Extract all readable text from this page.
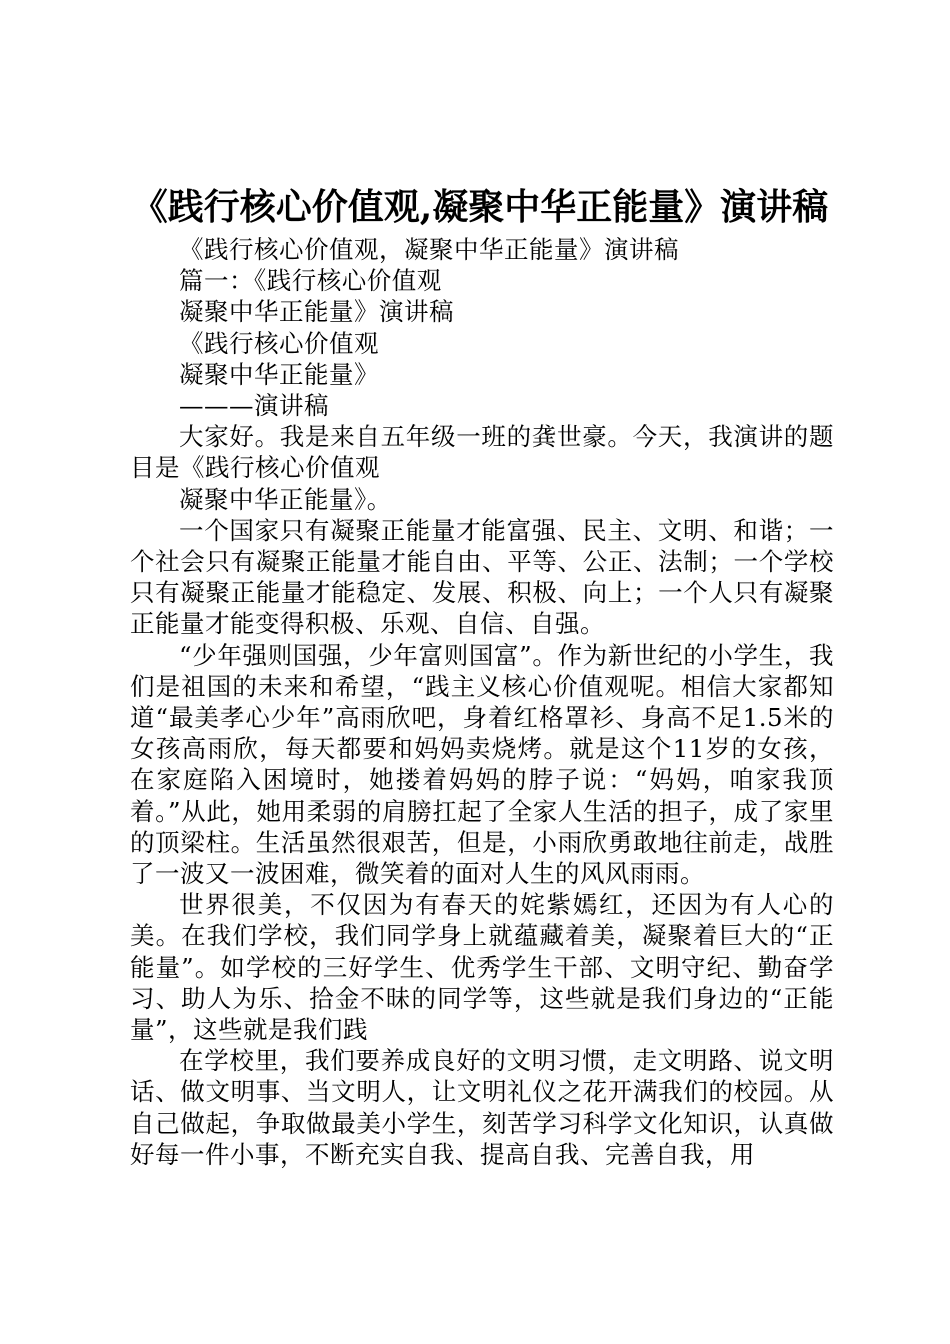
《践行核心价值观,凝聚中华正能量》演讲稿

《践行核心价值观，凝聚中华正能量》演讲稿

篇一：《践行核心价值观

凝聚中华正能量》演讲稿

《践行核心价值观

凝聚中华正能量》

———演讲稿

大家好。我是来自五年级一班的龚世豪。今天，我演讲的题目是《践行核心价值观

凝聚中华正能量》。

一个国家只有凝聚正能量才能富强、民主、文明、和谐；一个社会只有凝聚正能量才能自由、平等、公正、法制；一个学校只有凝聚正能量才能稳定、发展、积极、向上；一个人只有凝聚正能量才能变得积极、乐观、自信、自强。

“少年强则国强，少年富则国富”。作为新世纪的小学生，我们是祖国的未来和希望，“践主义核心价值观呢。相信大家都知道“最美孝心少年”高雨欣吧，身着红格罩衫、身高不足1.5米的女孩高雨欣，每天都要和妈妈卖烧烤。就是这个11岁的女孩，在家庭陷入困境时，她搂着妈妈的脖子说：“妈妈，咱家我顶着。”从此，她用柔弱的肩膀扛起了全家人生活的担子，成了家里的顶梁柱。生活虽然很艰苦，但是，小雨欣勇敢地往前走，战胜了一波又一波困难，微笑着的面对人生的风风雨雨。

世界很美，不仅因为有春天的姹紫嫣红，还因为有人心的美。在我们学校，我们同学身上就蕴藏着美，凝聚着巨大的“正能量”。如学校的三好学生、优秀学生干部、文明守纪、勤奋学习、助人为乐、拾金不昧的同学等，这些就是我们身边的“正能量”，这些就是我们践

在学校里，我们要养成良好的文明习惯，走文明路、说文明话、做文明事、当文明人，让文明礼仪之花开满我们的校园。从自己做起，争取做最美小学生，刻苦学习科学文化知识，认真做好每一件小事，不断充实自我、提高自我、完善自我，用
